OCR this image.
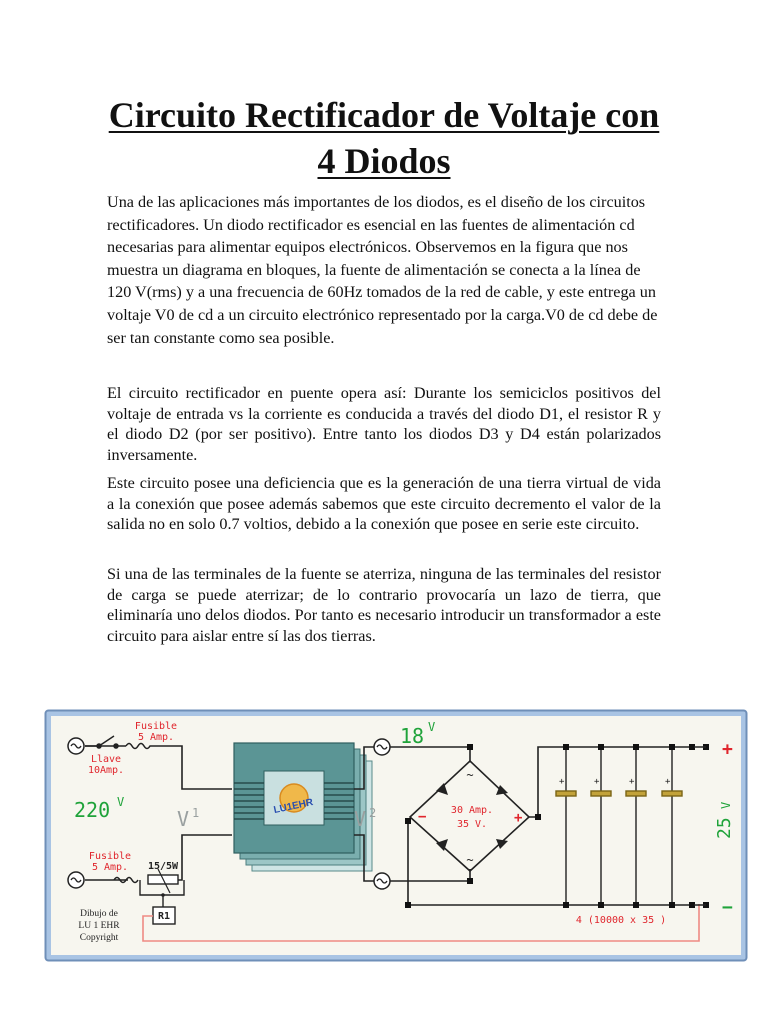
Circuito Rectificador de Voltaje con
4 Diodos

Una de las aplicaciones más importantes de los diodos, es el diseño de los circuitos rectificadores. Un diodo rectificador es esencial en las fuentes de alimentación cd necesarias para alimentar equipos electrónicos. Observemos en la figura que nos muestra un diagrama en bloques, la fuente de alimentación se conecta a la línea de 120 V(rms) y a una frecuencia de 60Hz tomados de la red de cable, y este entrega un voltaje V0 de cd a un circuito electrónico representado por la carga.V0 de cd debe de ser tan constante como sea posible.

El circuito rectificador en puente opera así: Durante los semiciclos positivos del voltaje de entrada vs la corriente es conducida a través del diodo D1, el resistor R y el diodo D2 (por ser positivo). Entre tanto los diodos D3 y D4 están polarizados inversamente.

Este circuito posee una deficiencia que es la generación de una tierra virtual de vida a la conexión que posee además sabemos que este circuito decremento el valor de la salida no en solo 0.7 voltios, debido a la conexión que posee en serie este circuito.

Si una de las terminales de la fuente se aterriza, ninguna de las terminales del resistor de carga se puede aterrizar; de lo contrario provocaría un lazo de tierra, que eliminaría uno delos diodos. Por tanto es necesario introducir un transformador a este circuito para aislar entre sí las dos tierras.

Fusible
5 Amp.
Llave
10Amp.
220 V
Fusible
5 Amp. 15/5W
R1
Dibujo de
LU 1 EHR
Copyright
LU1EHR
V 1	V 2
18 V
~
~
30 Amp.
35 V.
−	+
+	+	+	+
4 (10000 x 35 )
+
−
25
V
